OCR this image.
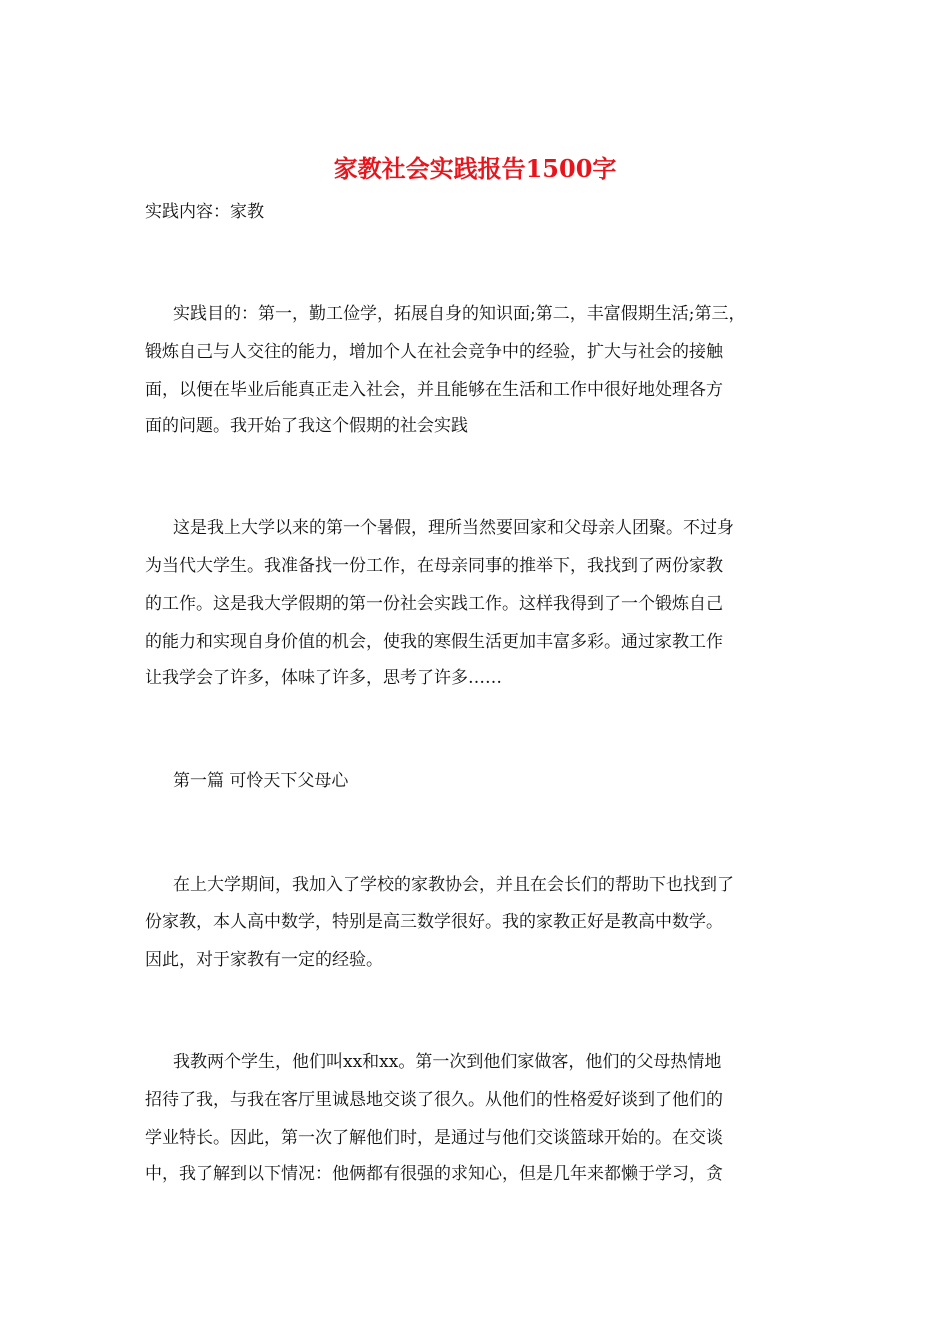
家教社会实践报告1500字
实践内容：家教
实践目的：第一，勤工俭学，拓展自身的知识面;第二，丰富假期生活;第三，
锻炼自己与人交往的能力，增加个人在社会竞争中的经验，扩大与社会的接触
面，以便在毕业后能真正走入社会，并且能够在生活和工作中很好地处理各方
面的问题。我开始了我这个假期的社会实践
这是我上大学以来的第一个暑假，理所当然要回家和父母亲人团聚。不过身
为当代大学生。我准备找一份工作，在母亲同事的推举下，我找到了两份家教
的工作。这是我大学假期的第一份社会实践工作。这样我得到了一个锻炼自己
的能力和实现自身价值的机会，使我的寒假生活更加丰富多彩。通过家教工作
让我学会了许多，体味了许多，思考了许多……
第一篇 可怜天下父母心
在上大学期间，我加入了学校的家教协会，并且在会长们的帮助下也找到了
份家教，本人高中数学，特别是高三数学很好。我的家教正好是教高中数学。
因此，对于家教有一定的经验。
我教两个学生，他们叫xx和xx。第一次到他们家做客，他们的父母热情地
招待了我，与我在客厅里诚恳地交谈了很久。从他们的性格爱好谈到了他们的
学业特长。因此，第一次了解他们时，是通过与他们交谈篮球开始的。在交谈
中，我了解到以下情况：他俩都有很强的求知心，但是几年来都懒于学习，贪
